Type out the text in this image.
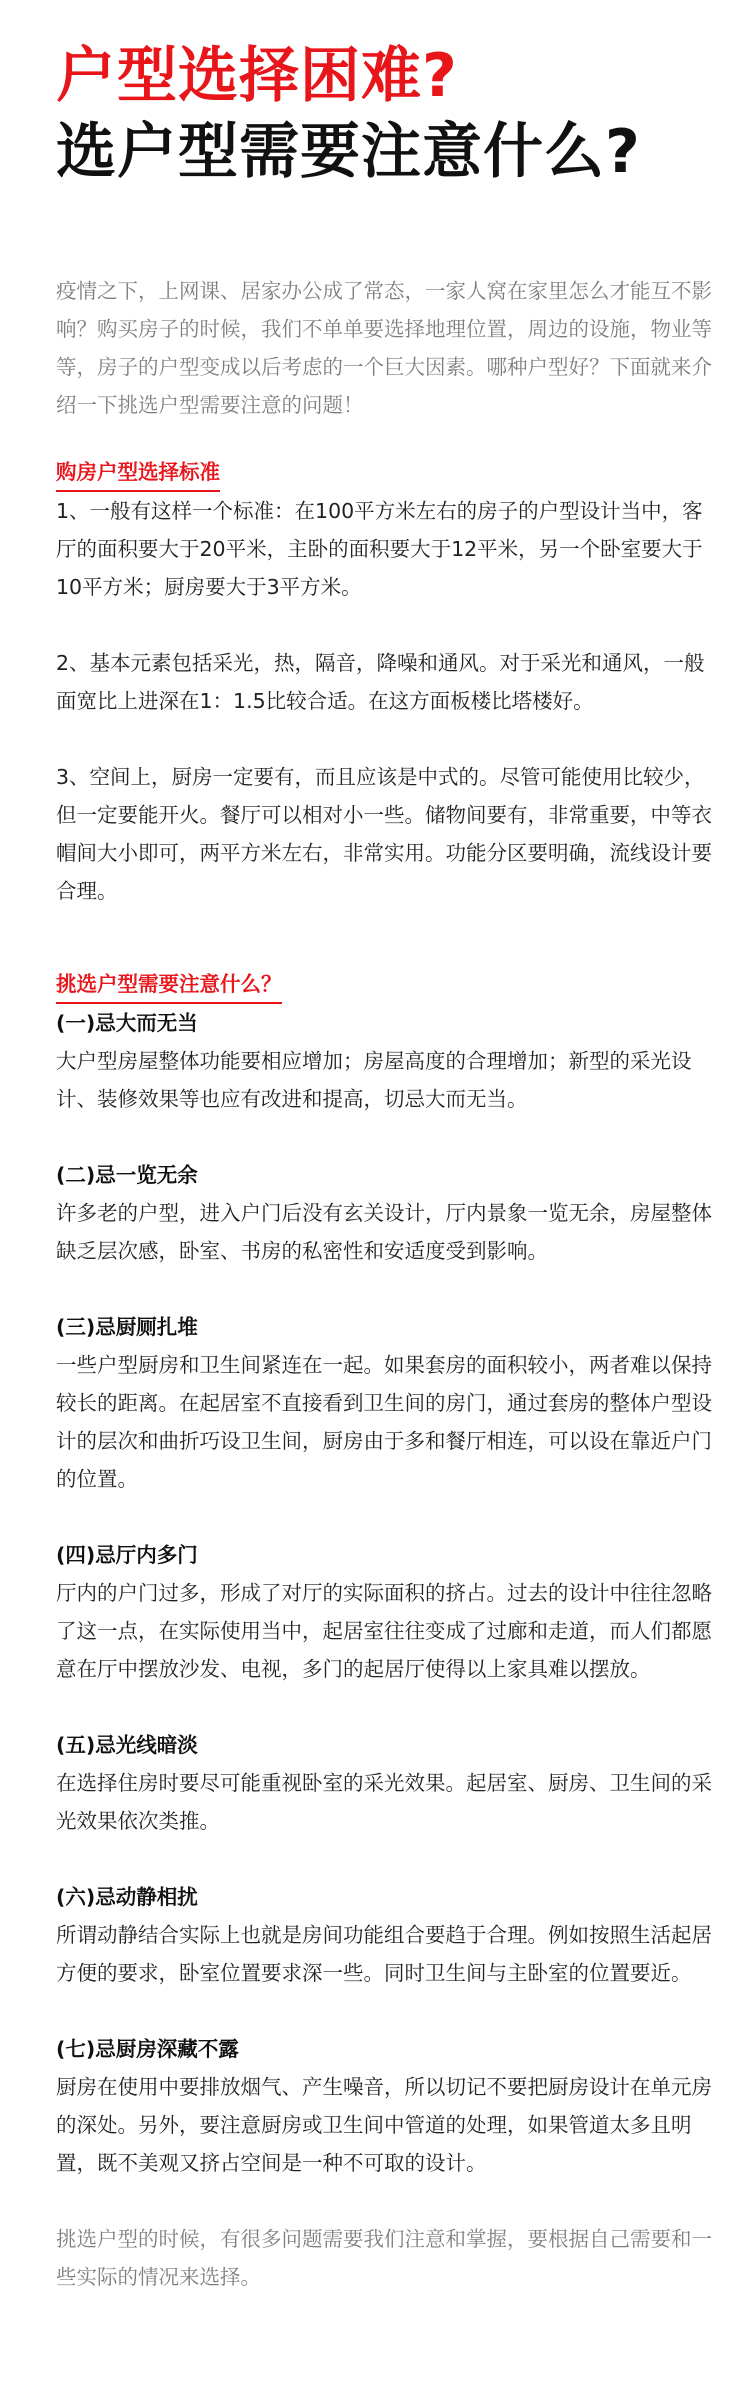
户型选择困难?
选户型需要注意什么?
疫情之下，上网课、居家办公成了常态，一家人窝在家里怎么才能互不影响？购买房子的时候，我们不单单要选择地理位置，周边的设施，物业等等，房子的户型变成以后考虑的一个巨大因素。哪种户型好？下面就来介绍一下挑选户型需要注意的问题！
购房户型选择标准
1、一般有这样一个标准：在100平方米左右的房子的户型设计当中，客厅的面积要大于20平米，主卧的面积要大于12平米，另一个卧室要大于10平方米；厨房要大于3平方米。
2、基本元素包括采光，热，隔音，降噪和通风。对于采光和通风，一般面宽比上进深在1：1.5比较合适。在这方面板楼比塔楼好。
3、空间上，厨房一定要有，而且应该是中式的。尽管可能使用比较少，但一定要能开火。餐厅可以相对小一些。储物间要有，非常重要，中等衣帽间大小即可，两平方米左右，非常实用。功能分区要明确，流线设计要合理。
挑选户型需要注意什么？
(一)忌大而无当
大户型房屋整体功能要相应增加；房屋高度的合理增加；新型的采光设计、装修效果等也应有改进和提高，切忌大而无当。
(二)忌一览无余
许多老的户型，进入户门后没有玄关设计，厅内景象一览无余，房屋整体缺乏层次感，卧室、书房的私密性和安适度受到影响。
(三)忌厨厕扎堆
一些户型厨房和卫生间紧连在一起。如果套房的面积较小，两者难以保持较长的距离。在起居室不直接看到卫生间的房门，通过套房的整体户型设计的层次和曲折巧设卫生间，厨房由于多和餐厅相连，可以设在靠近户门的位置。
(四)忌厅内多门
厅内的户门过多，形成了对厅的实际面积的挤占。过去的设计中往往忽略了这一点，在实际使用当中，起居室往往变成了过廊和走道，而人们都愿意在厅中摆放沙发、电视，多门的起居厅使得以上家具难以摆放。
(五)忌光线暗淡
在选择住房时要尽可能重视卧室的采光效果。起居室、厨房、卫生间的采光效果依次类推。
(六)忌动静相扰
所谓动静结合实际上也就是房间功能组合要趋于合理。例如按照生活起居方便的要求，卧室位置要求深一些。同时卫生间与主卧室的位置要近。
(七)忌厨房深藏不露
厨房在使用中要排放烟气、产生噪音，所以切记不要把厨房设计在单元房的深处。另外，要注意厨房或卫生间中管道的处理，如果管道太多且明置，既不美观又挤占空间是一种不可取的设计。
挑选户型的时候，有很多问题需要我们注意和掌握，要根据自己需要和一些实际的情况来选择。
